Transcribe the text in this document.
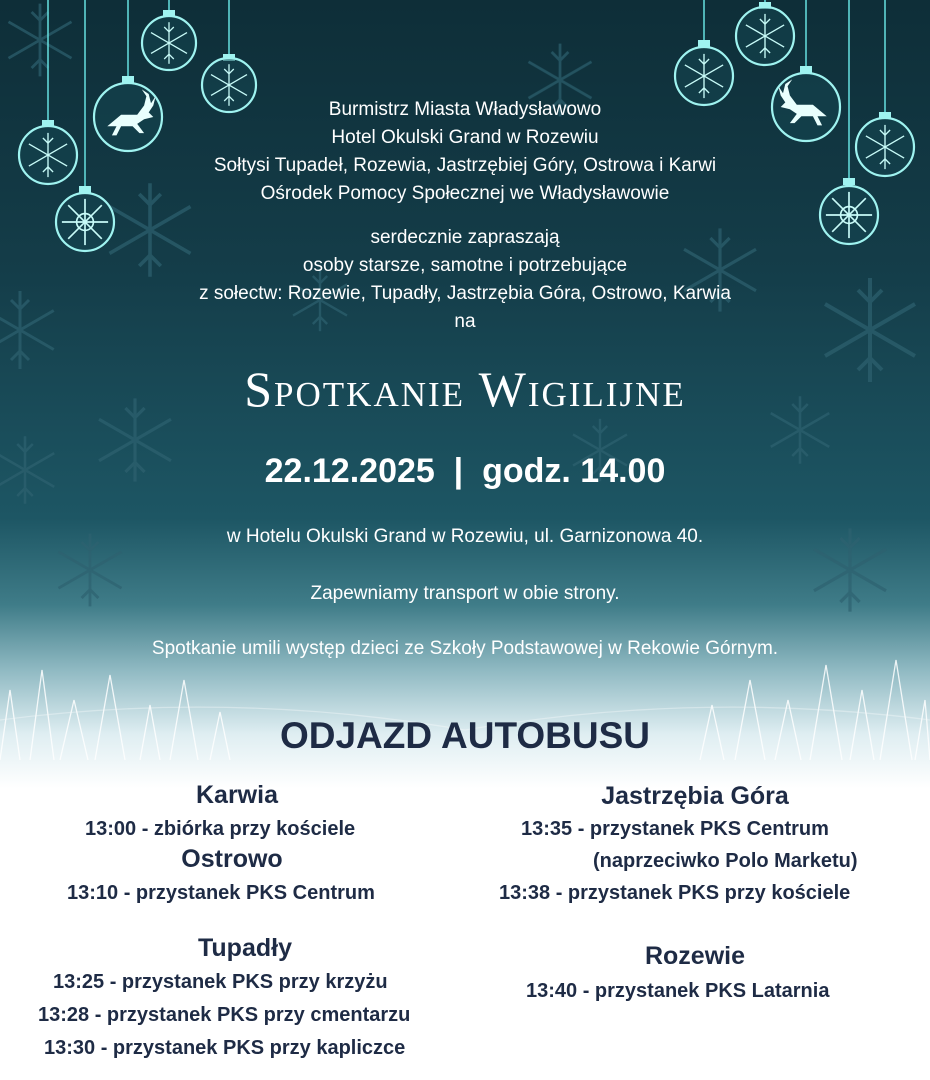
Burmistrz Miasta Władysławowo
Hotel Okulski Grand w Rozewiu
Sołtysi Tupadeł, Rozewia, Jastrzębiej Góry, Ostrowa i Karwi
Ośrodek Pomocy Społecznej we Władysławowie
serdecznie zapraszają
osoby starsze, samotne i potrzebujące
z sołectw: Rozewie, Tupadły, Jastrzębia Góra, Ostrowo, Karwia
na
Spotkanie Wigilijne
22.12.2025  |  godz. 14.00
w Hotelu Okulski Grand w Rozewiu, ul. Garnizonowa 40.
Zapewniamy transport w obie strony.
Spotkanie umili występ dzieci ze Szkoły Podstawowej w Rekowie Górnym.
ODJAZD AUTOBUSU
Karwia
13:00 - zbiórka przy kościele
Ostrowo
13:10 - przystanek PKS Centrum
Tupadły
13:25 - przystanek PKS przy krzyżu
13:28 - przystanek PKS przy cmentarzu
13:30 - przystanek PKS przy kapliczce
Jastrzębia Góra
13:35 - przystanek PKS Centrum
(naprzeciwko Polo Marketu)
13:38 - przystanek PKS przy kościele
Rozewie
13:40 - przystanek PKS Latarnia
